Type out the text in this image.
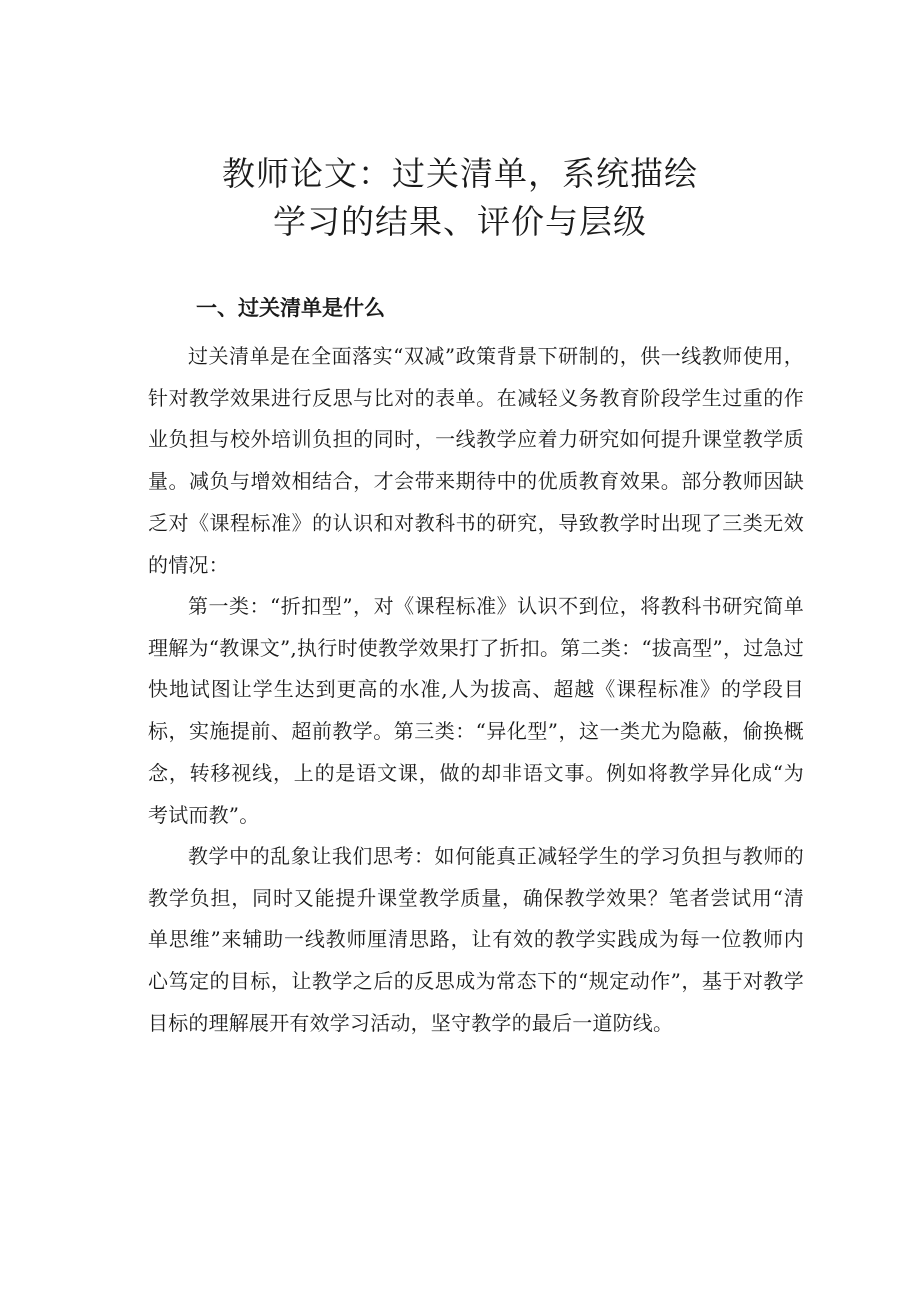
教师论文：过关清单，系统描绘
学习的结果、评价与层级
一、过关清单是什么

过关清单是在全面落实“双减”政策背景下研制的，供一线教师使用，针对教学效果进行反思与比对的表单。在减轻义务教育阶段学生过重的作业负担与校外培训负担的同时，一线教学应着力研究如何提升课堂教学质量。减负与增效相结合，才会带来期待中的优质教育效果。部分教师因缺乏对《课程标准》的认识和对教科书的研究，导致教学时出现了三类无效的情况：

第一类：“折扣型”，对《课程标准》认识不到位，将教科书研究简单理解为“教课文”,执行时使教学效果打了折扣。第二类：“拔高型”，过急过快地试图让学生达到更高的水准,人为拔高、超越《课程标准》的学段目标，实施提前、超前教学。第三类：“异化型”，这一类尤为隐蔽，偷换概念，转移视线，上的是语文课，做的却非语文事。例如将教学异化成“为考试而教”。

教学中的乱象让我们思考：如何能真正减轻学生的学习负担与教师的教学负担，同时又能提升课堂教学质量，确保教学效果？笔者尝试用“清单思维”来辅助一线教师厘清思路，让有效的教学实践成为每一位教师内心笃定的目标，让教学之后的反思成为常态下的“规定动作”，基于对教学目标的理解展开有效学习活动，坚守教学的最后一道防线。
